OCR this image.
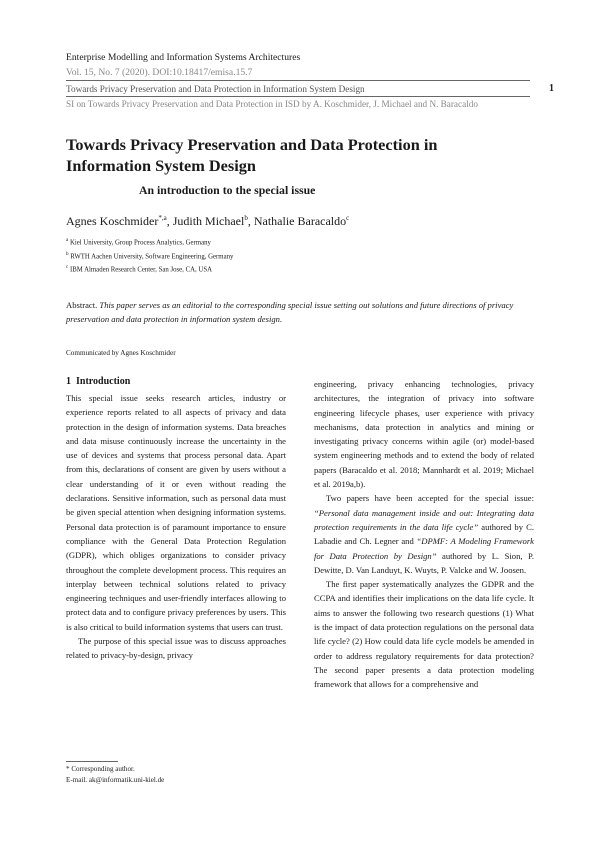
Enterprise Modelling and Information Systems Architectures
Vol. 15, No. 7 (2020). DOI:10.18417/emisa.15.7
Towards Privacy Preservation and Data Protection in Information System Design	1
SI on Towards Privacy Preservation and Data Protection in ISD by A. Koschmider, J. Michael and N. Baracaldo
Towards Privacy Preservation and Data Protection in
Information System Design
An introduction to the special issue
Agnes Koschmider$^{*,a}$, Judith Michael$^b$, Nathalie Baracaldo$^c$
$^a$ Kiel University, Group Process Analytics, Germany
$^b$ RWTH Aachen University, Software Engineering, Germany
$^c$ IBM Almaden Research Center, San Jose, CA, USA
Abstract. This paper serves as an editorial to the corresponding special issue setting out solutions and future directions of privacy preservation and data protection in information system design.
Communicated by Agnes Koschmider
1 Introduction

This special issue seeks research articles, industry or experience reports related to all aspects of privacy and data protection in the design of information systems. Data breaches and data misuse continuously increase the uncertainty in the use of devices and systems that process personal data. Apart from this, declarations of consent are given by users without a clear understanding of it or even without reading the declarations. Sensitive information, such as personal data must be given special attention when designing information systems. Personal data protection is of paramount importance to ensure compliance with the General Data Protection Regulation (GDPR), which obliges organizations to consider privacy throughout the complete development process. This requires an interplay between technical solutions related to privacy engineering techniques and user-friendly interfaces allowing to protect data and to configure privacy preferences by users. This is also critical to build information systems that users can trust.

The purpose of this special issue was to discuss approaches related to privacy-by-design, privacy

engineering, privacy enhancing technologies, privacy architectures, the integration of privacy into software engineering lifecycle phases, user experience with privacy mechanisms, data protection in analytics and mining or investigating privacy concerns within agile (or) model-based system engineering methods and to extend the body of related papers (Baracaldo et al. 2018; Mannhardt et al. 2019; Michael et al. 2019a,b).

Two papers have been accepted for the special issue: “Personal data management inside and out: Integrating data protection requirements in the data life cycle” authored by C. Labadie and Ch. Legner and “DPMF: A Modeling Framework for Data Protection by Design” authored by L. Sion, P. Dewitte, D. Van Landuyt, K. Wuyts, P. Valcke and W. Joosen.

The first paper systematically analyzes the GDPR and the CCPA and identifies their implications on the data life cycle. It aims to answer the following two research questions (1) What is the impact of data protection regulations on the personal data life cycle? (2) How could data life cycle models be amended in order to address regulatory requirements for data protection? The second paper presents a data protection modeling framework that allows for a comprehensive and

* Corresponding author.
E-mail. ak@informatik.uni-kiel.de
